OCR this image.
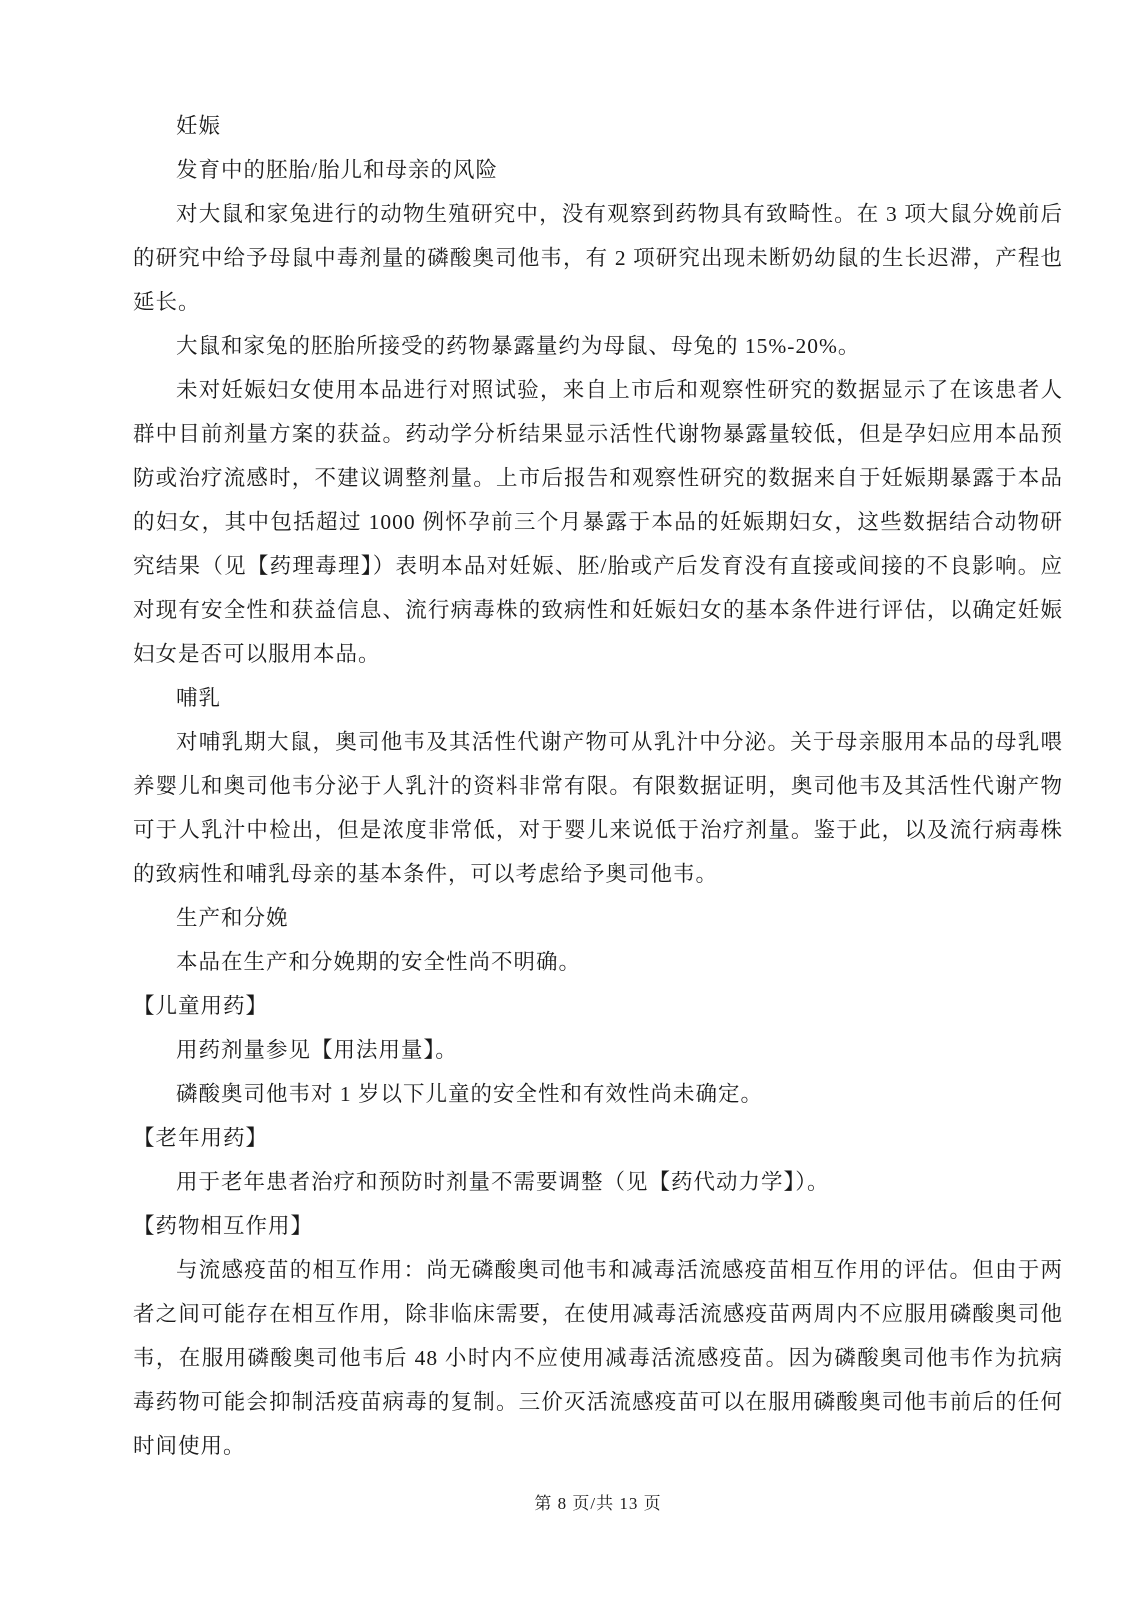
妊娠

发育中的胚胎/胎儿和母亲的风险

对大鼠和家兔进行的动物生殖研究中，没有观察到药物具有致畸性。在 3 项大鼠分娩前后的研究中给予母鼠中毒剂量的磷酸奥司他韦，有 2 项研究出现未断奶幼鼠的生长迟滞，产程也延长。

大鼠和家兔的胚胎所接受的药物暴露量约为母鼠、母兔的 15%-20%。

未对妊娠妇女使用本品进行对照试验，来自上市后和观察性研究的数据显示了在该患者人群中目前剂量方案的获益。药动学分析结果显示活性代谢物暴露量较低，但是孕妇应用本品预防或治疗流感时，不建议调整剂量。上市后报告和观察性研究的数据来自于妊娠期暴露于本品的妇女，其中包括超过 1000 例怀孕前三个月暴露于本品的妊娠期妇女，这些数据结合动物研究结果（见【药理毒理】）表明本品对妊娠、胚/胎或产后发育没有直接或间接的不良影响。应对现有安全性和获益信息、流行病毒株的致病性和妊娠妇女的基本条件进行评估，以确定妊娠妇女是否可以服用本品。

哺乳

对哺乳期大鼠，奥司他韦及其活性代谢产物可从乳汁中分泌。关于母亲服用本品的母乳喂养婴儿和奥司他韦分泌于人乳汁的资料非常有限。有限数据证明，奥司他韦及其活性代谢产物可于人乳汁中检出，但是浓度非常低，对于婴儿来说低于治疗剂量。鉴于此，以及流行病毒株的致病性和哺乳母亲的基本条件，可以考虑给予奥司他韦。

生产和分娩

本品在生产和分娩期的安全性尚不明确。

【儿童用药】

用药剂量参见【用法用量】。

磷酸奥司他韦对 1 岁以下儿童的安全性和有效性尚未确定。

【老年用药】

用于老年患者治疗和预防时剂量不需要调整（见【药代动力学】）。

【药物相互作用】

与流感疫苗的相互作用：尚无磷酸奥司他韦和减毒活流感疫苗相互作用的评估。但由于两者之间可能存在相互作用，除非临床需要，在使用减毒活流感疫苗两周内不应服用磷酸奥司他韦，在服用磷酸奥司他韦后 48 小时内不应使用减毒活流感疫苗。因为磷酸奥司他韦作为抗病毒药物可能会抑制活疫苗病毒的复制。三价灭活流感疫苗可以在服用磷酸奥司他韦前后的任何时间使用。

第 8 页/共 13 页
